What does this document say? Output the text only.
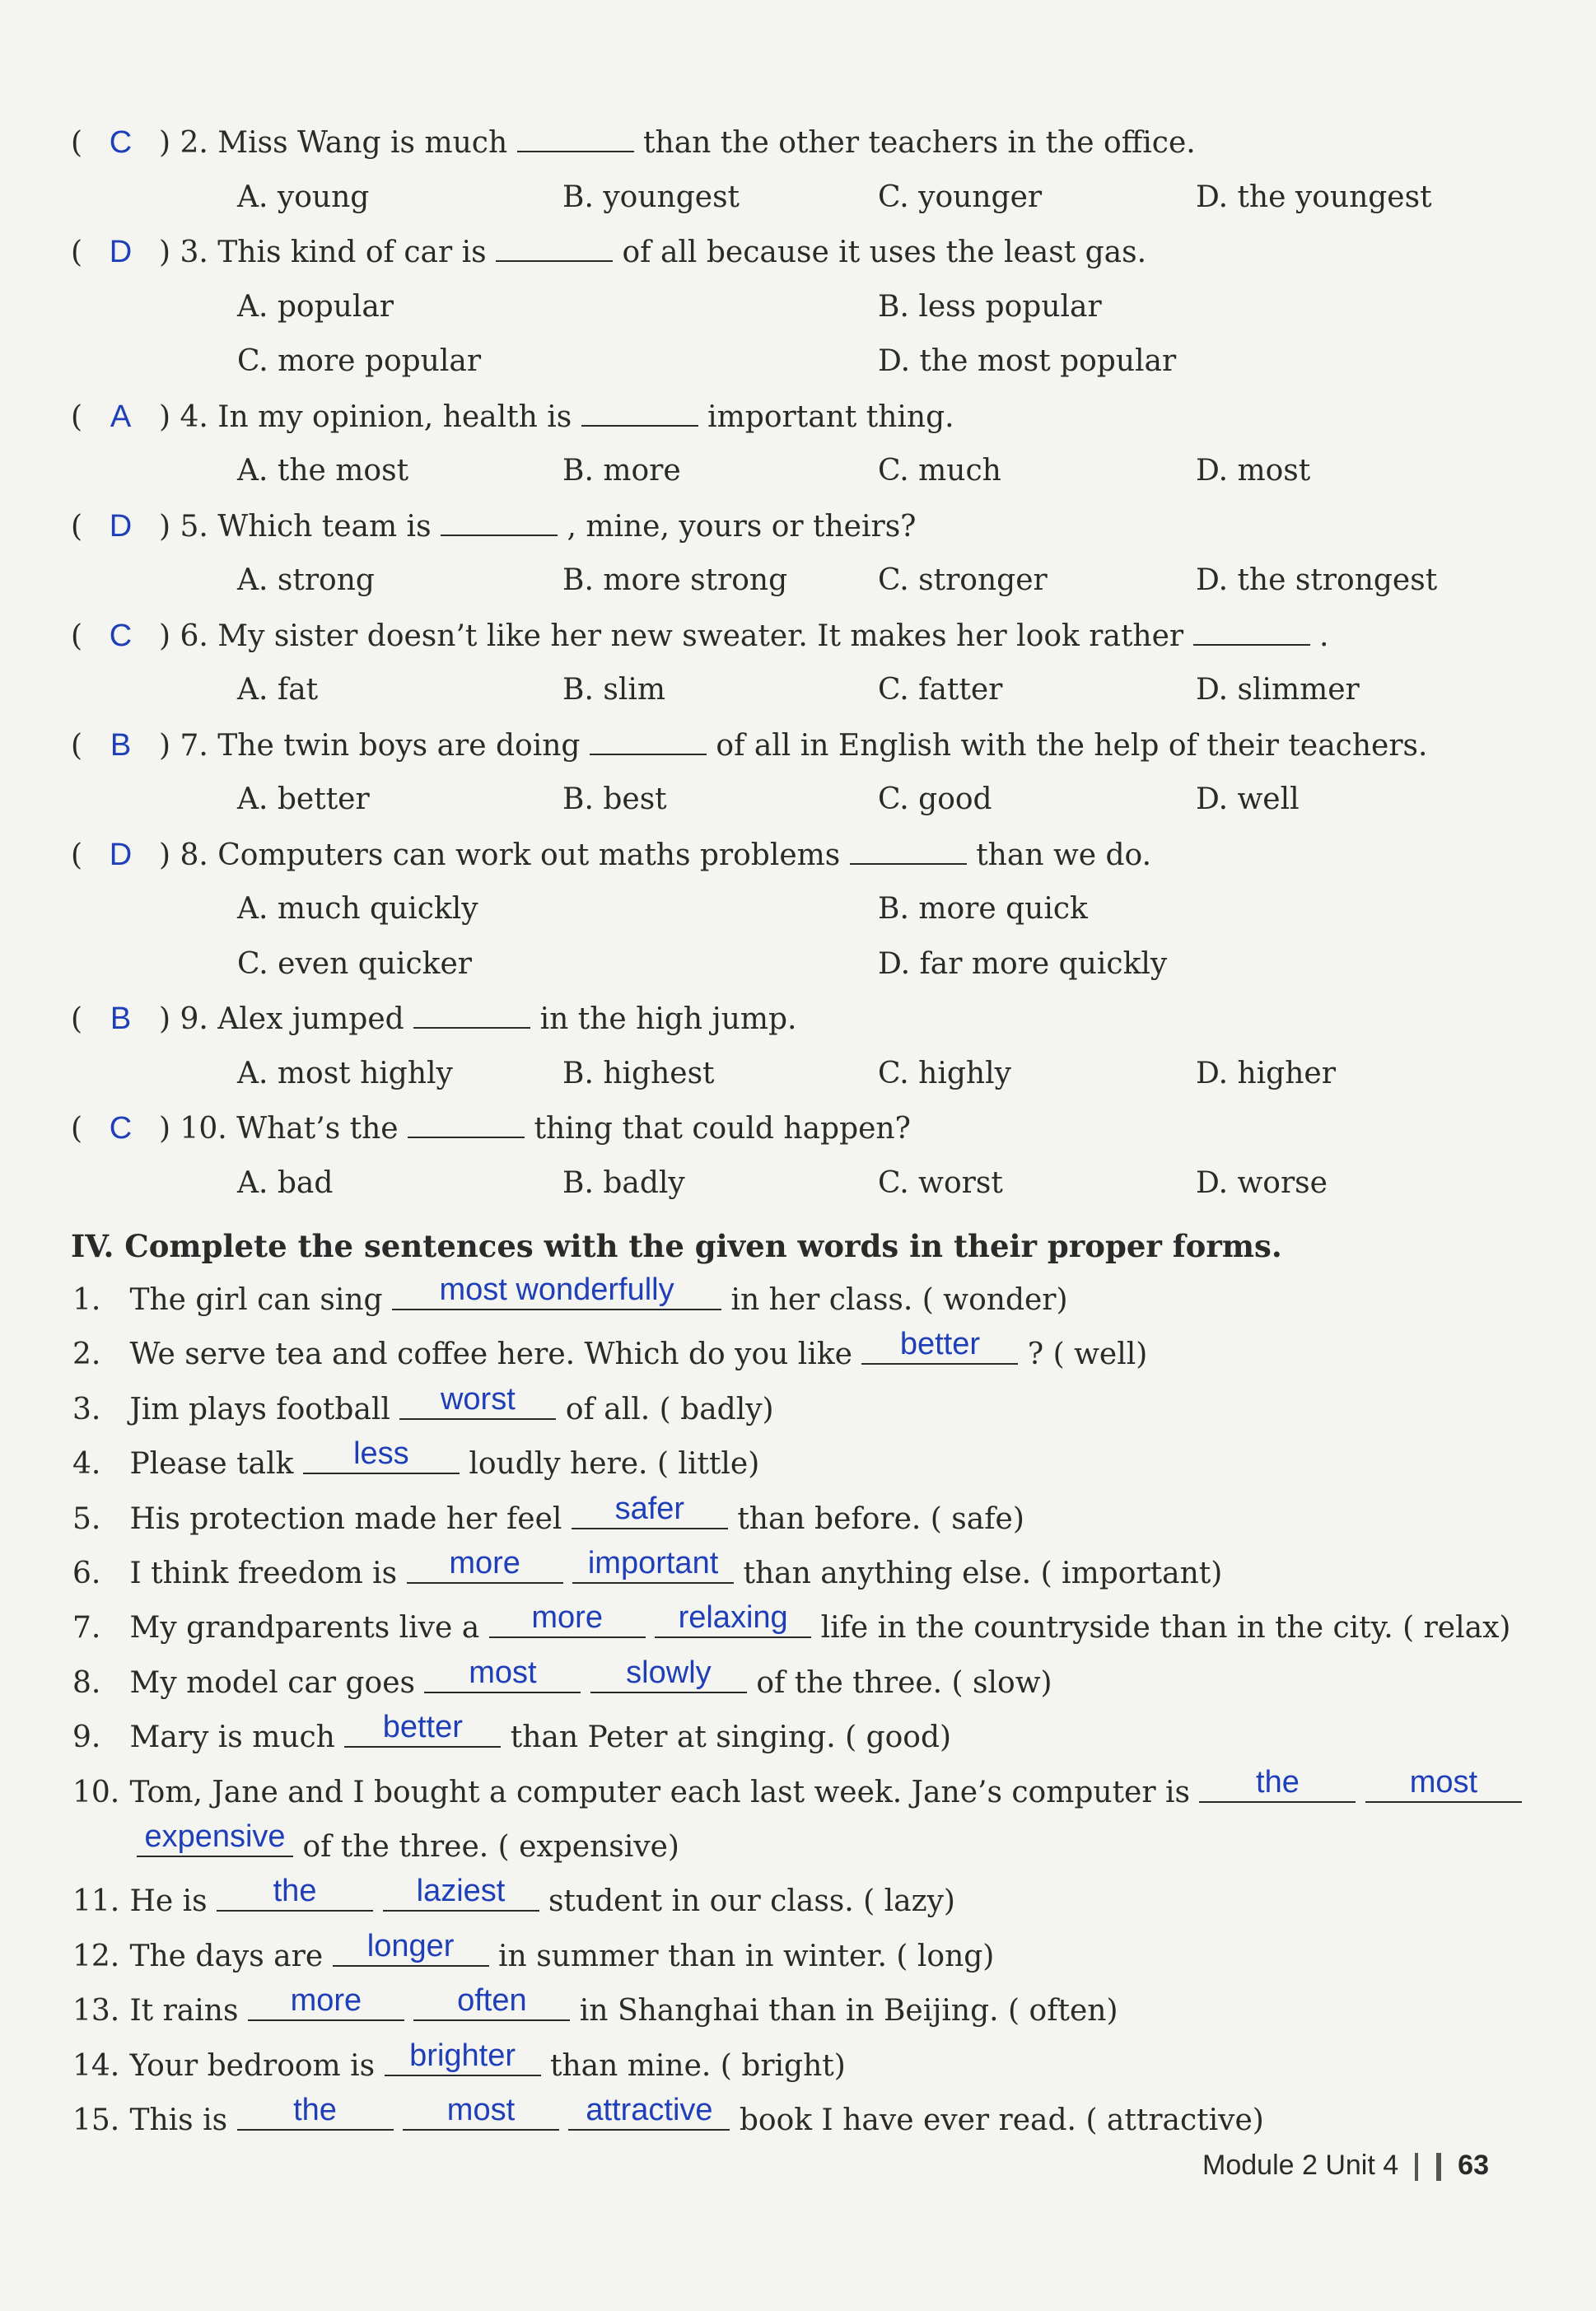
( C ) 2. Miss Wang is much	than the other teachers in the office.
A. young	B. youngest	C. younger	D. the youngest
( D ) 3. This kind of car is	of all because it uses the least gas.
A. popular	B. less popular
C. more popular	D. the most popular
( A ) 4. In my opinion, health is	important thing.
A. the most	B. more	C. much	D. most
( D ) 5. Which team is	, mine, yours or theirs?
A. strong	B. more strong	C. stronger	D. the strongest
( C ) 6. My sister doesn’t like her new sweater. It makes her look rather	.
A. fat	B. slim	C. fatter	D. slimmer
( B ) 7. The twin boys are doing	of all in English with the help of their teachers.
A. better	B. best	C. good	D. well
( D ) 8. Computers can work out maths problems	than we do.
A. much quickly	B. more quick
C. even quicker	D. far more quickly
( B ) 9. Alex jumped	in the high jump.
A. most highly	B. highest	C. highly	D. higher
( C ) 10. What’s the	thing that could happen?
A. bad	B. badly	C. worst	D. worse
IV. Complete the sentences with the given words in their proper forms.
1. The girl can sing most wonderfully in her class. ( wonder)
2. We serve tea and coffee here. Which do you like better ? ( well)
3. Jim plays football worst of all. ( badly)
4. Please talk less loudly here. ( little)
5. His protection made her feel safer than before. ( safe)
6. I think freedom is more important than anything else. ( important)
7. My grandparents live a more relaxing life in the countryside than in the city. ( relax)
8. My model car goes most	slowly of the three. ( slow)
9. Mary is much better than Peter at singing. ( good)
10. Tom, Jane and I bought a computer each last week. Jane’s computer is the	most
expensive of the three. ( expensive)
11. He is the	laziest student in our class. ( lazy)
12. The days are longer in summer than in winter. ( long)
13. It rains more	often in Shanghai than in Beijing. ( often)
14. Your bedroom is brighter than mine. ( bright)
15. This is the	most attractive book I have ever read. ( attractive)
Module 2 Unit 4 63
